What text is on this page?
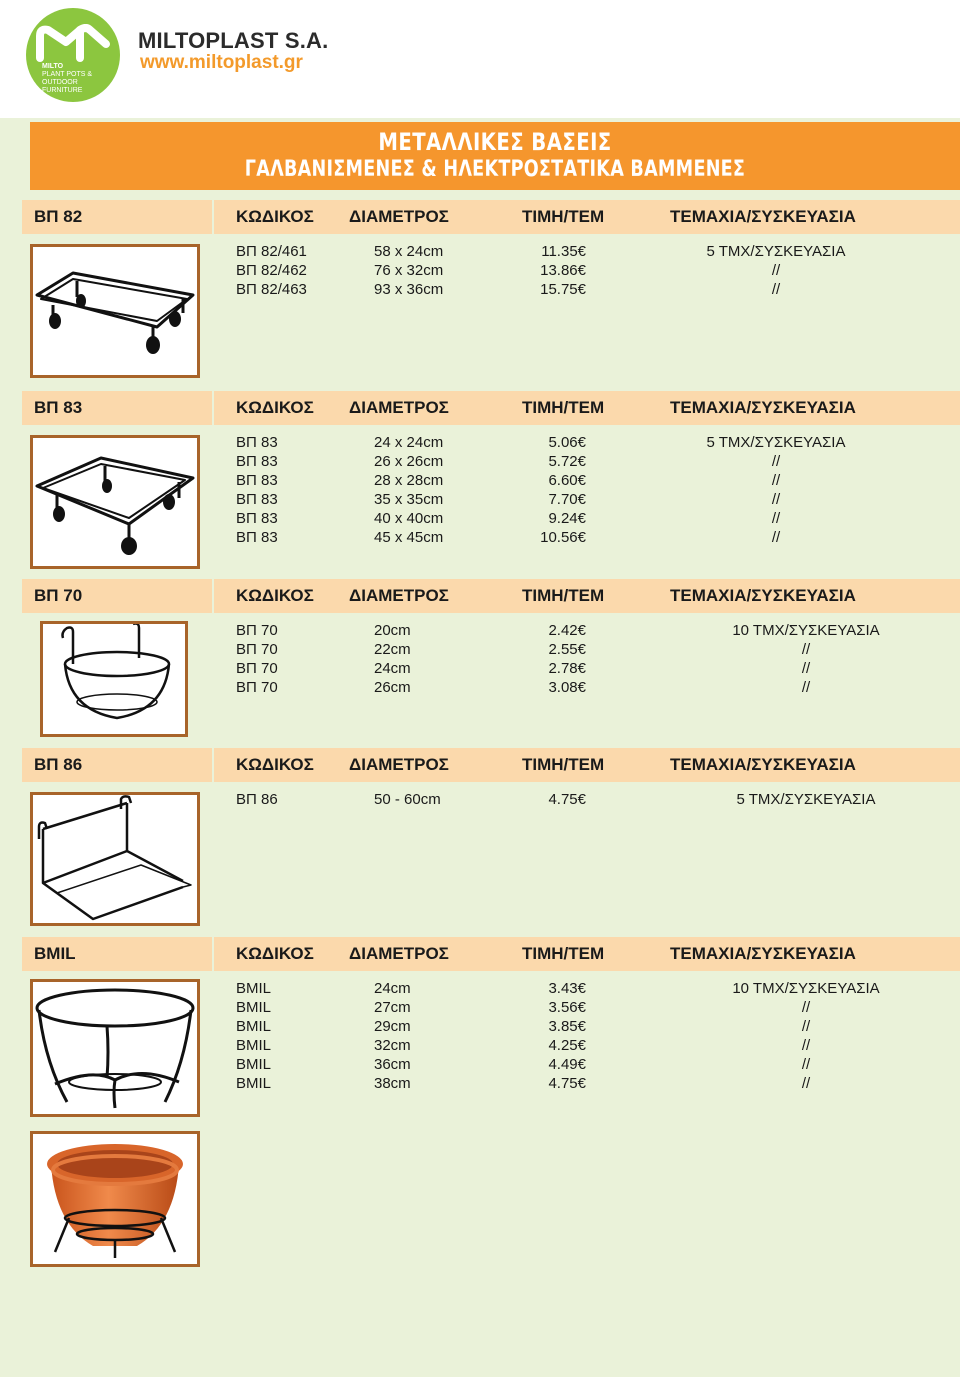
MILTO
PLANT POTS &
OUTDOOR FURNITURE
MILTOPLAST S.A.
www.miltoplast.gr
ΜΕΤΑΛΛΙΚΕΣ ΒΑΣΕΙΣ
ΓΑΛΒΑΝΙΣΜΕΝΕΣ & ΗΛΕΚΤΡΟΣΤΑΤΙΚΑ ΒΑΜΜΕΝΕΣ
ΒΠ 82	ΚΩΔΙΚΟΣ ΔΙΑΜΕΤΡΟΣ	ΤΙΜΗ/ΤΕΜ	ΤΕΜΑΧΙΑ/ΣΥΣΚΕΥΑΣΙΑ
ΒΠ 82/461	58 x 24cm	11.35€	5 ΤΜΧ/ΣΥΣΚΕΥΑΣΙΑ
ΒΠ 82/462	76 x 32cm	13.86€	//
ΒΠ 82/463	93 x 36cm	15.75€	//
ΒΠ 83	ΚΩΔΙΚΟΣ ΔΙΑΜΕΤΡΟΣ	ΤΙΜΗ/ΤΕΜ	ΤΕΜΑΧΙΑ/ΣΥΣΚΕΥΑΣΙΑ
ΒΠ 83	24 x 24cm	5.06€	5 ΤΜΧ/ΣΥΣΚΕΥΑΣΙΑ
ΒΠ 83	26 x 26cm	5.72€	//
ΒΠ 83	28 x 28cm	6.60€	//
ΒΠ 83	35 x 35cm	7.70€	//
ΒΠ 83	40 x 40cm	9.24€	//
ΒΠ 83	45 x 45cm	10.56€	//
ΒΠ 70	ΚΩΔΙΚΟΣ ΔΙΑΜΕΤΡΟΣ	ΤΙΜΗ/ΤΕΜ	ΤΕΜΑΧΙΑ/ΣΥΣΚΕΥΑΣΙΑ
ΒΠ 70	20cm	2.42€	10 ΤΜΧ/ΣΥΣΚΕΥΑΣΙΑ
ΒΠ 70	22cm	2.55€	//
ΒΠ 70	24cm	2.78€	//
ΒΠ 70	26cm	3.08€	//
ΒΠ 86	ΚΩΔΙΚΟΣ ΔΙΑΜΕΤΡΟΣ	ΤΙΜΗ/ΤΕΜ	ΤΕΜΑΧΙΑ/ΣΥΣΚΕΥΑΣΙΑ
ΒΠ 86	50 - 60cm	4.75€	5 ΤΜΧ/ΣΥΣΚΕΥΑΣΙΑ
BMIL	ΚΩΔΙΚΟΣ ΔΙΑΜΕΤΡΟΣ	ΤΙΜΗ/ΤΕΜ	ΤΕΜΑΧΙΑ/ΣΥΣΚΕΥΑΣΙΑ
BMIL	24cm	3.43€	10 ΤΜΧ/ΣΥΣΚΕΥΑΣΙΑ
BMIL	27cm	3.56€	//
BMIL	29cm	3.85€	//
BMIL	32cm	4.25€	//
BMIL	36cm	4.49€	//
BMIL	38cm	4.75€	//
